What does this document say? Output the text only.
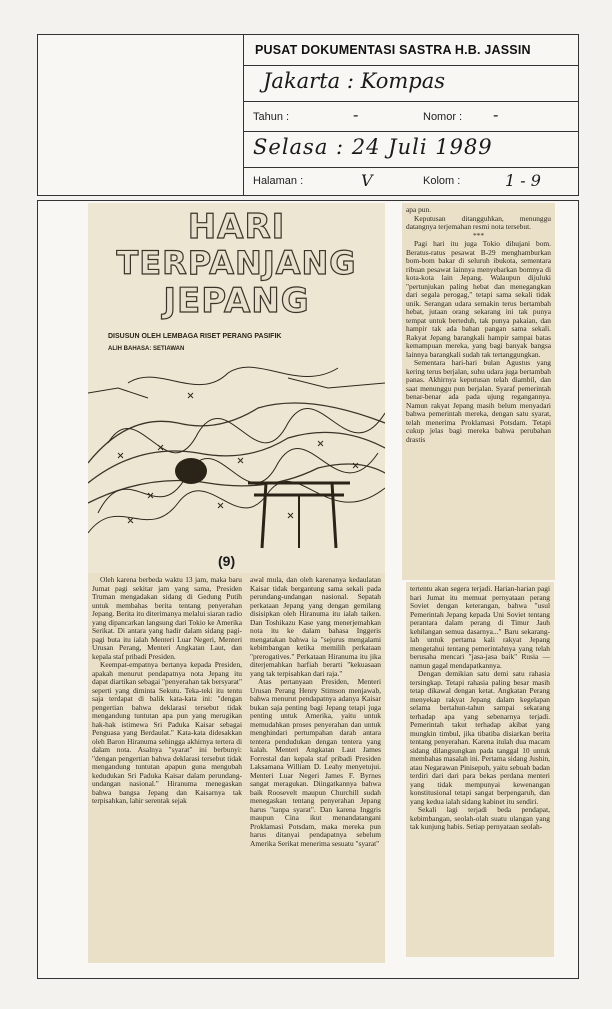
PUSAT DOKUMENTASI SASTRA H.B. JASSIN
Jakarta : Kompas
Tahun :	-	Nomor : -
Selasa : 24 Juli 1989
Halaman :	V	Kolom :	1 - 9
HARI
TERPANJANG
JEPANG
DISUSUN OLEH LEMBAGA RISET PERANG PASIFIK
ALIH BAHASA: SETIAWAN
(9)

Oleh karena berbeda waktu 13 jam, maka baru Jumat pagi sekitar jam yang sama, Presiden Truman mengadakan sidang di Gedung Putih untuk membahas berita tentang penyerahan Jepang. Berita itu diterimanya melalui siaran radio yang dipancarkan langsung dari Tokio ke Amerika Serikat. Di antara yang hadir dalam sidang pagi-pagi buta itu ialah Menteri Luar Negeri, Menteri Urusan Perang, Menteri Angkatan Laut, dan kepala staf pribadi Presiden.

Keempat-empatnya bertanya kepada Presiden, apakah menurut pendapatnya nota Jepang itu dapat diartikan sebagai "penyerahan tak bersyarat" seperti yang diminta Sekutu. Teka-teki itu tentu saja terdapat di balik kata-kata ini: "dengan pengertian bahwa deklarasi tersebut tidak mengandung tuntutan apa pun yang merugikan hak-hak istimewa Sri Paduka Kaisar sebagai Penguasa yang Berdaulat." Kata-kata didesakkan oleh Baron Hiranuma sehingga akhirnya tertera di dalam nota. Asalnya "syarat" ini berbunyi: "dengan pengertian bahwa deklarasi tersebut tidak mengandung tuntutan apapun guna mengubah kedudukan Sri Paduka Kaisar dalam perundang-undangan nasional." Hiranuma menegaskan bahwa bangsa Jepang dan Kaisarnya tak terpisahkan, lahir serentak sejak

awal mula, dan oleh karenanya kedaulatan Kaisar tidak bergantung sama sekali pada perundang-undangan nasional. Sepatah perkataan Jepang yang dengan gemilang disisipkan oleh Hiranuma itu ialah taiken. Dan Toshikazu Kase yang menerjemahkan nota itu ke dalam bahasa Inggeris mengatakan bahwa ia "sejurus mengalami kebimbangan ketika memilih perkataan "prerogatives." Perkataan Hiranuma itu jika diterjemahkan harfiah berarti "kekuasaan yang tak terpisahkan dari raja."

Atas pertanyaan Presiden, Menteri Urusan Perang Henry Stimson menjawab, bahwa menurut pendapatnya adanya Kaisar bukan saja penting bagi Jepang tetapi juga penting untuk Amerika, yaitu untuk memudahkan proses penyerahan dan untuk menghindari pertumpahan darah antara tentera pendudukan dengan tentera yang kalah. Menteri Angkatan Laut James Forrestal dan kepala staf pribadi Presiden Laksamana William D. Leahy menyetujui. Menteri Luar Negeri James F. Byrnes sangat meragukan. Diingatkannya bahwa baik Roosevelt maupun Churchill sudah menegaskan tentang penyerahan Jepang harus "tanpa syarat". Dan karena Inggris maupun Cina ikut menandatangani Proklamasi Potsdam, maka mereka pun harus ditanyai pendapatnya sebelum Amerika Serikat menerima sesuatu "syarat"

apa pun.

Keputusan ditangguhkan, menunggu datangnya terjemahan resmi nota tersebut.

***

Pagi hari itu juga Tokio dihujani bom. Beratus-ratus pesawat B-29 menghamburkan bom-bom bakar di seluruh ibukota, sementara ribuan pesawat lainnya menyebarkan bomnya di kota-kota lain Jepang. Walaupun dijuluki "pertunjukan paling hebat dan menegangkan dari segala perogag," tetapi sama sekali tidak unik. Serangan udara semakin terus bertambah hebat, jutaan orang sekarang ini tak punya tempat untuk berteduh, tak punya pakaian, dan hampir tak ada bahan pangan sama sekali. Rakyat Jepang barangkali hampir sampai batas kemampuan mereka, yang bagi banyak bangsa lainnya barangkali sudah tak tertanggungkan.

Sementara hari-hari bulan Agustus yang kering terus berjalan, suhu udara juga bertambah panas. Akhirnya keputusan telah diambil, dan saat menunggu pun berjalan. Syaraf pemerintah benar-benar ada pada ujung regangannya. Namun rakyat Jepang masih belum menyadari bahwa pemerintah mereka, dengan satu syarat, telah menerima Proklamasi Potsdam. Tetapi cukup jelas bagi mereka bahwa perubahan drastis

tertentu akan segera terjadi. Harian-harian pagi hari Jumat itu memuat pernyataan perang Soviet dengan keterangan, bahwa "usul Pemerintah Jepang kepada Uni Soviet tentang perantara dalam perang di Timur Jauh kehilangan semua dasarnya..." Baru sekarang-lah untuk pertama kali rakyat Jepang mengetahui tentang pemerintahnya yang telah berusaha mencari "jasa-jasa baik" Rusia — namun gagal mendapatkannya.

Dengan demikian satu demi satu rahasia tersingkap. Tetapi rahasia paling besar masih tetap dikawal dengan ketat. Angkatan Perang menyekap rakyat Jepang dalam kegelapan selama bertahun-tahun sampai sekarang terhadap apa yang sebenarnya terjadi. Pemerintah takut terhadap akibat yang mungkin timbul, jika tibatiba disiarkan berita tentang penyerahan. Karena itulah dua macam sidang dilangsungkan pada tanggal 10 untuk membahas masalah ini. Pertama sidang Jushin, atau Negarawan Pinisepuh, yaitu sebuah badan terdiri dari dari para bekas perdana menteri yang tidak mempunyai kewenangan konstitusional tetapi sangat berpengaruh, dan yang kedua ialah sidang kabinet itu sendiri.

Sekali lagi terjadi beda pendapat, kebimbangan, seolah-olah suatu ulangan yang tak kunjung habis. Setiap pernyataan seolah-
